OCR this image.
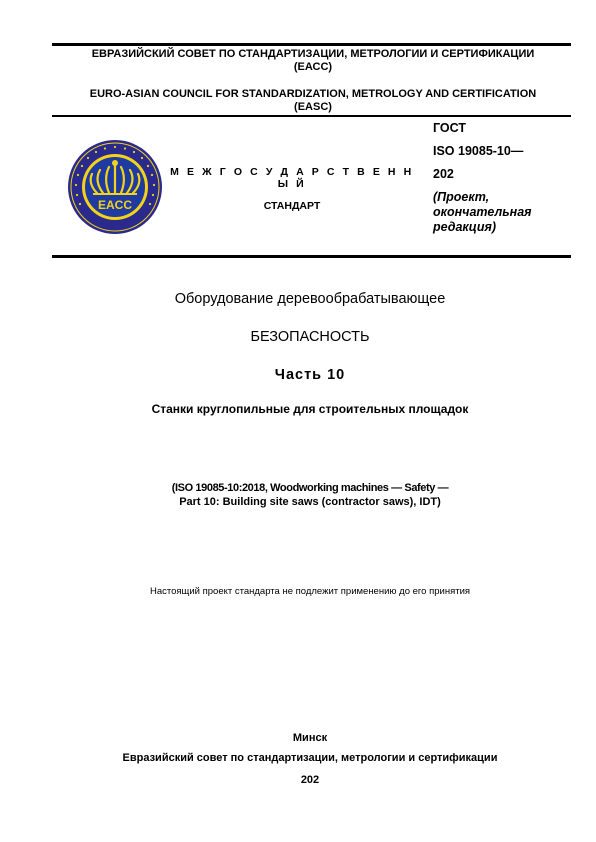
ЕВРАЗИЙСКИЙ СОВЕТ ПО СТАНДАРТИЗАЦИИ, МЕТРОЛОГИИ И СЕРТИФИКАЦИИ
(ЕАСС)
EURO-ASIAN COUNCIL FOR STANDARDIZATION, METROLOGY AND CERTIFICATION
(EASC)
EACC
М Е Ж Г О С У Д А Р С Т В Е Н Н Ы Й
СТАНДАРТ
ГОСТ
ISO 19085-10—
202
(Проект,
окончательная
редакция)
Оборудование деревообрабатывающее
БЕЗОПАСНОСТЬ
Часть 10
Станки круглопильные для строительных площадок
(ISO 19085-10:2018, Woodworking machines — Safety —
Part 10: Building site saws (contractor saws), IDT)
Настоящий проект стандарта не подлежит применению до его принятия
Минск
Евразийский совет по стандартизации, метрологии и сертификации
202
